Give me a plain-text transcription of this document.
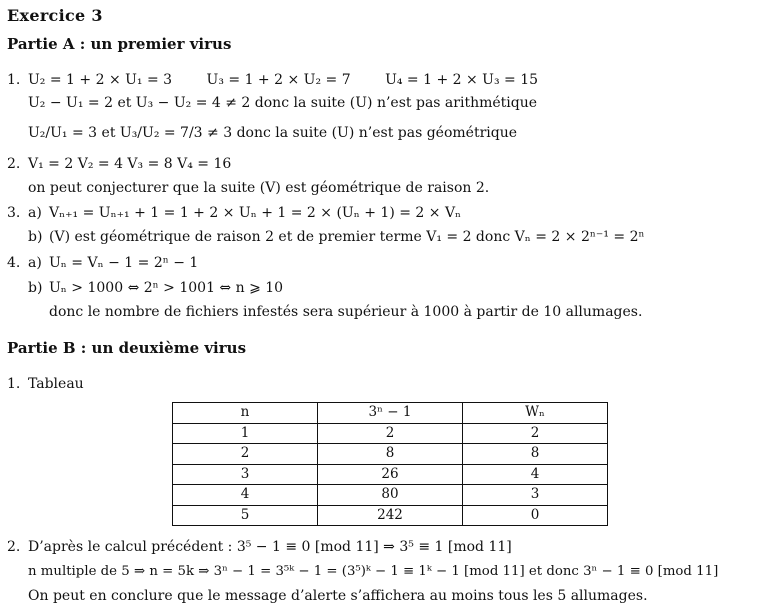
Exercice 3
Partie A : un premier virus
1. U₂ = 1 + 2 × U₁ = 3 U₃ = 1 + 2 × U₂ = 7 U₄ = 1 + 2 × U₃ = 15
U₂ − U₁ = 2 et U₃ − U₂ = 4 ≠ 2 donc la suite (U) n’est pas arithmétique
U₂/U₁ = 3 et U₃/U₂ = 7/3 ≠ 3 donc la suite (U) n’est pas géométrique
2. V₁ = 2 V₂ = 4 V₃ = 8 V₄ = 16
on peut conjecturer que la suite (V) est géométrique de raison 2.
3. a) Vₙ₊₁ = Uₙ₊₁ + 1 = 1 + 2 × Uₙ + 1 = 2 × (Uₙ + 1) = 2 × Vₙ
b) (V) est géométrique de raison 2 et de premier terme V₁ = 2 donc Vₙ = 2 × 2ⁿ⁻¹ = 2ⁿ
4. a) Uₙ = Vₙ − 1 = 2ⁿ − 1
b) Uₙ > 1000 ⇔ 2ⁿ > 1001 ⇔ n ⩾ 10
donc le nombre de fichiers infestés sera supérieur à 1000 à partir de 10 allumages.
Partie B : un deuxième virus
1. Tableau
n	3ⁿ − 1	Wₙ
1	2	2
2	8	8
3	26	4
4	80	3
5	242	0
2. D’après le calcul précédent : 3⁵ − 1 ≡ 0 [mod 11] ⇒ 3⁵ ≡ 1 [mod 11]
n multiple de 5 ⇒ n = 5k ⇒ 3ⁿ − 1 = 3⁵ᵏ − 1 = (3⁵)ᵏ − 1 ≡ 1ᵏ − 1 [mod 11] et donc 3ⁿ − 1 ≡ 0 [mod 11]
On peut en conclure que le message d’alerte s’affichera au moins tous les 5 allumages.
